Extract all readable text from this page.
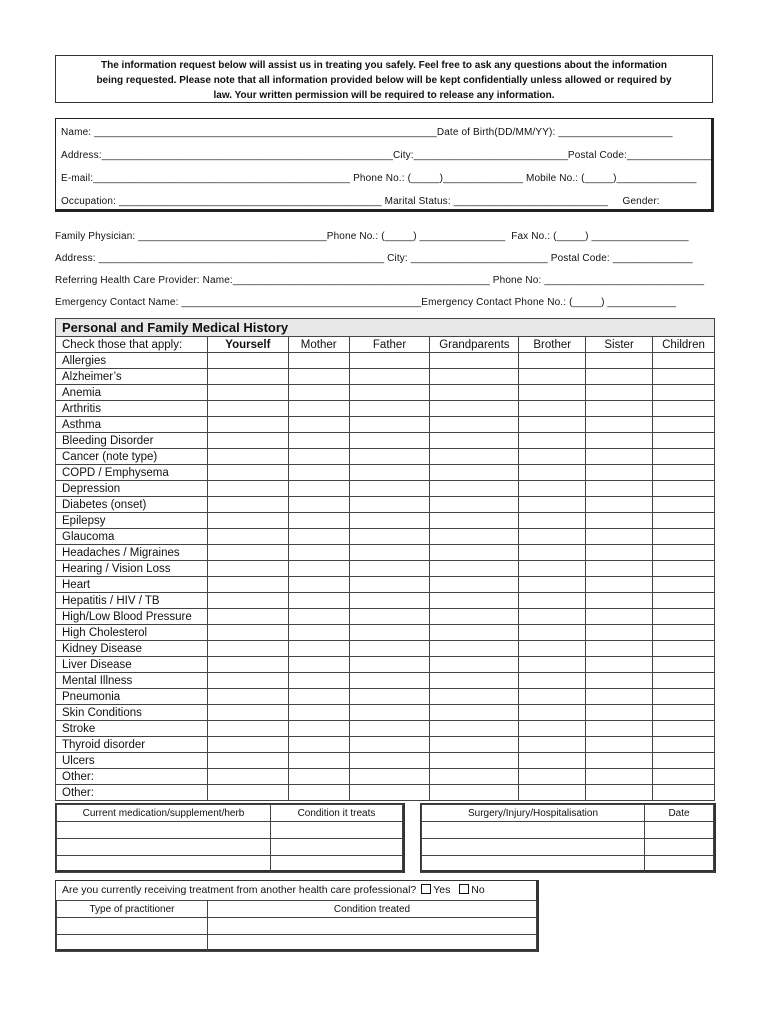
The information request below will assist us in treating you safely. Feel free to ask any questions about the information
being requested. Please note that all information provided below will be kept confidentially unless allowed or required by
law. Your written permission will be required to release any information.
Name: ____________________________________________________________Date of Birth(DD/MM/YY): ____________________
Address:___________________________________________________City:___________________________Postal Code:_______________
E-mail:_____________________________________________ Phone No.: (_____)______________ Mobile No.: (_____)______________
Occupation: ______________________________________________ Marital Status: ___________________________     Gender:
Family Physician: _________________________________Phone No.: (_____) _______________  Fax No.: (_____) _________________
Address: __________________________________________________ City: ________________________ Postal Code: ______________
Referring Health Care Provider: Name:_____________________________________________ Phone No: ____________________________
Emergency Contact Name: __________________________________________Emergency Contact Phone No.: (_____) ____________
Personal and Family Medical History							
Check those that apply:	Yourself	Mother	Father	Grandparents	Brother	Sister	Children
Allergies							
Alzheimer’s							
Anemia							
Arthritis							
Asthma							
Bleeding Disorder							
Cancer (note type)							
COPD / Emphysema							
Depression							
Diabetes (onset)							
Epilepsy							
Glaucoma							
Headaches / Migraines							
Hearing / Vision Loss							
Heart							
Hepatitis / HIV / TB							
High/Low Blood Pressure							
High Cholesterol							
Kidney Disease							
Liver Disease							
Mental Illness							
Pneumonia							
Skin Conditions							
Stroke							
Thyroid disorder							
Ulcers							
Other:							
Other:							
Current medication/supplement/herb	Condition it treats

		Surgery/Injury/Hospitalisation	Date

Are you currently receiving treatment from another health care professional? Yes No
Type of practitioner	Condition treated
